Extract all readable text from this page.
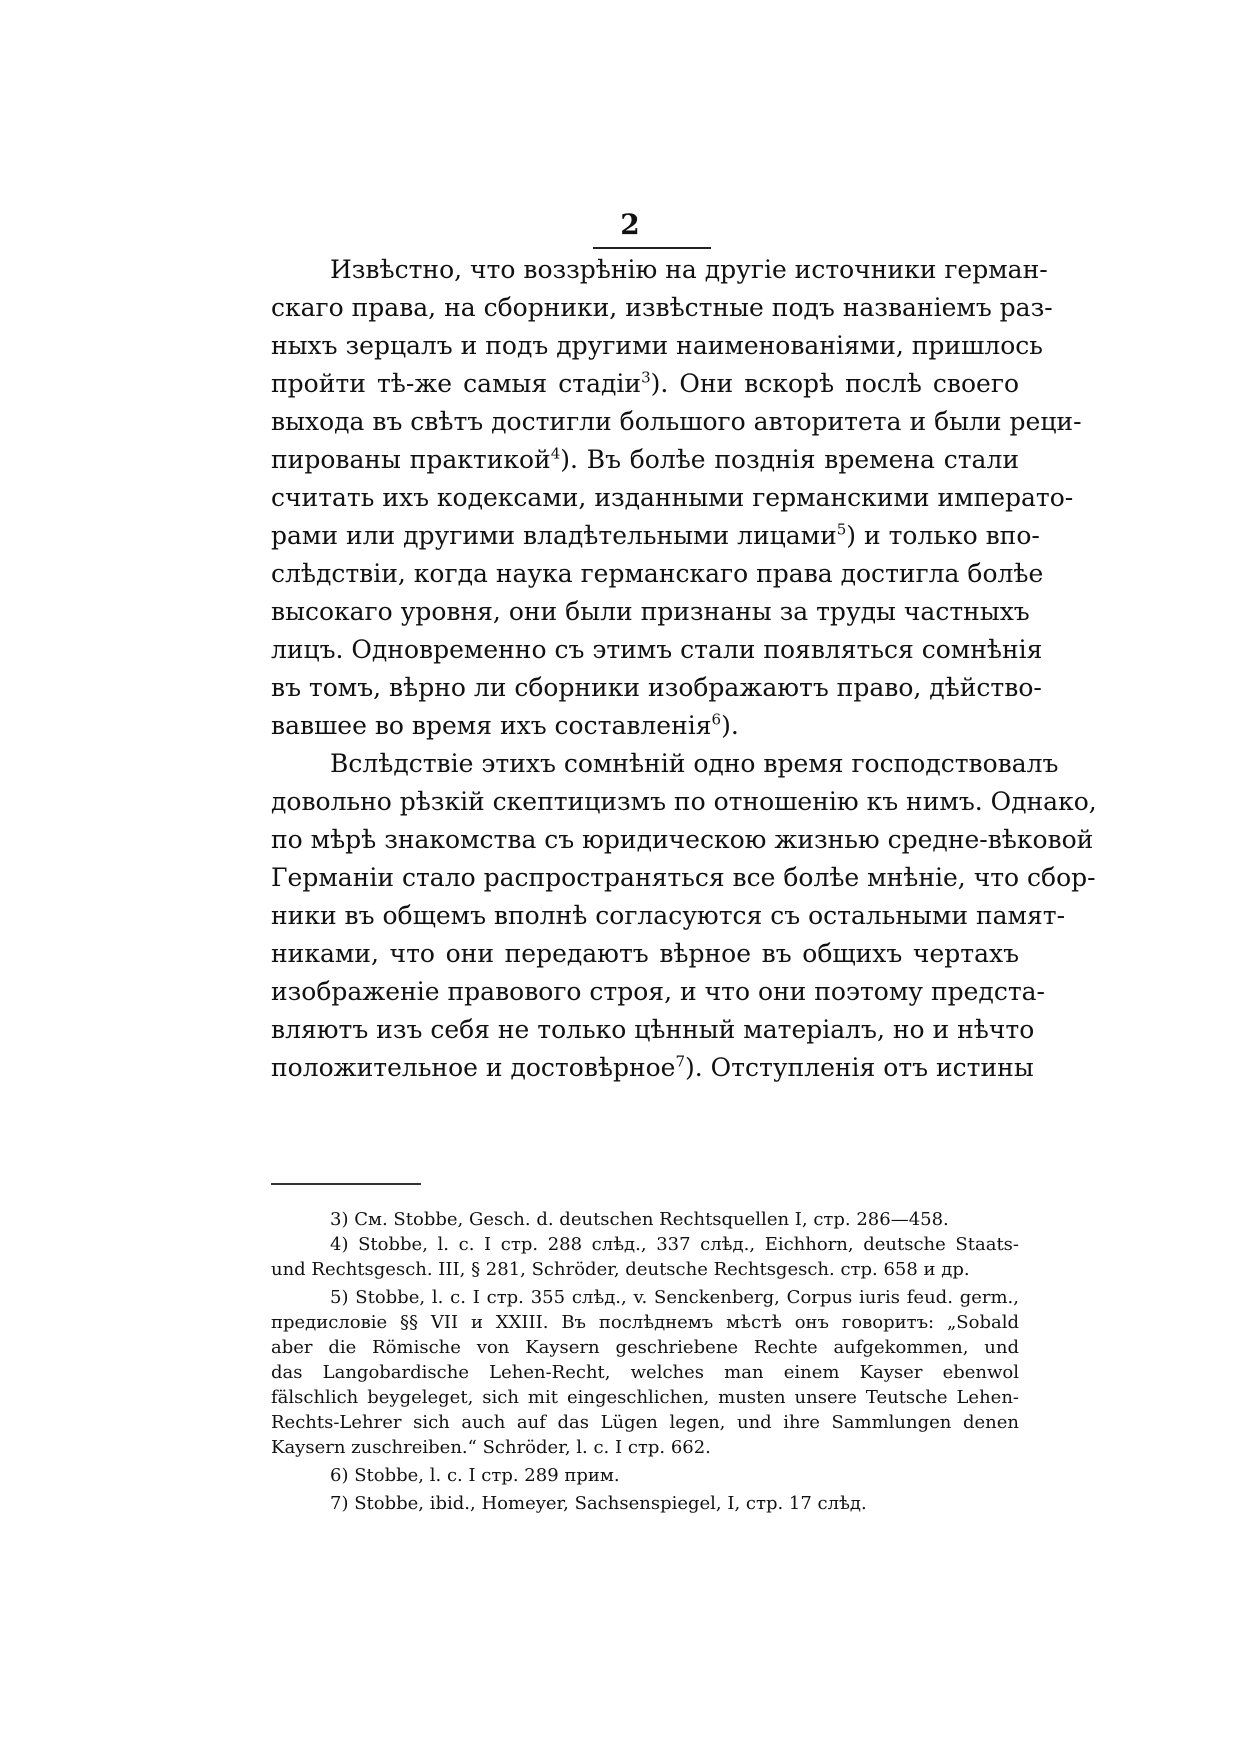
2
Извѣстно, что воззрѣнію на другіе источники герман-
скаго права, на сборники, извѣстные подъ названіемъ раз-
ныхъ зерцалъ и подъ другими наименованіями, пришлось
пройти тѣ-же самыя стадіи$^3$). Они вскорѣ послѣ своего
выхода въ свѣтъ достигли большого авторитета и были реци-
пированы практикой$^4$). Въ болѣе позднія времена стали
считать ихъ кодексами, изданными германскими императо-
рами или другими владѣтельными лицами$^5$) и только впо-
слѣдствіи, когда наука германскаго права достигла болѣе
высокаго уровня, они были признаны за труды частныхъ
лицъ. Одновременно съ этимъ стали появляться сомнѣнія
въ томъ, вѣрно ли сборники изображаютъ право, дѣйство-
вавшее во время ихъ составленія$^6$).
Вслѣдствіе этихъ сомнѣній одно время господствовалъ
довольно рѣзкій скептицизмъ по отношенію къ нимъ. Однако,
по мѣрѣ знакомства съ юридическою жизнью средне-вѣковой
Германіи стало распространяться все болѣе мнѣніе, что сбор-
ники въ общемъ вполнѣ согласуются съ остальными памят-
никами, что они передаютъ вѣрное въ общихъ чертахъ
изображеніе правового строя, и что они поэтому предста-
вляютъ изъ себя не только цѣнный матеріалъ, но и нѣчто
положительное и достовѣрное$^7$). Отступленія отъ истины
3) См. Stobbe, Gesch. d. deutschen Rechtsquellen I, стр. 286—458.
4) Stobbe, l. c. I стр. 288 слѣд., 337 слѣд., Eichhorn, deutsche Staats-
und Rechtsgesch. III, § 281, Schröder, deutsche Rechtsgesch. стр. 658 и др.
5) Stobbe, l. c. I стр. 355 слѣд., v. Senckenberg, Corpus iuris feud. germ.,
предисловіе §§ VII и XXIII. Въ послѣднемъ мѣстѣ онъ говоритъ: „Sobald
aber die Römische von Kaysern geschriebene Rechte aufgekommen, und
das Langobardische Lehen-Recht, welches man einem Kayser ebenwol
fälschlich beygeleget, sich mit eingeschlichen, musten unsere Teutsche Lehen-
Rechts-Lehrer sich auch auf das Lügen legen, und ihre Sammlungen denen
Kaysern zuschreiben.“ Schröder, l. c. I стр. 662.
6) Stobbe, l. c. I стр. 289 прим.
7) Stobbe, ibid., Homeyer, Sachsenspiegel, I, стр. 17 слѣд.
